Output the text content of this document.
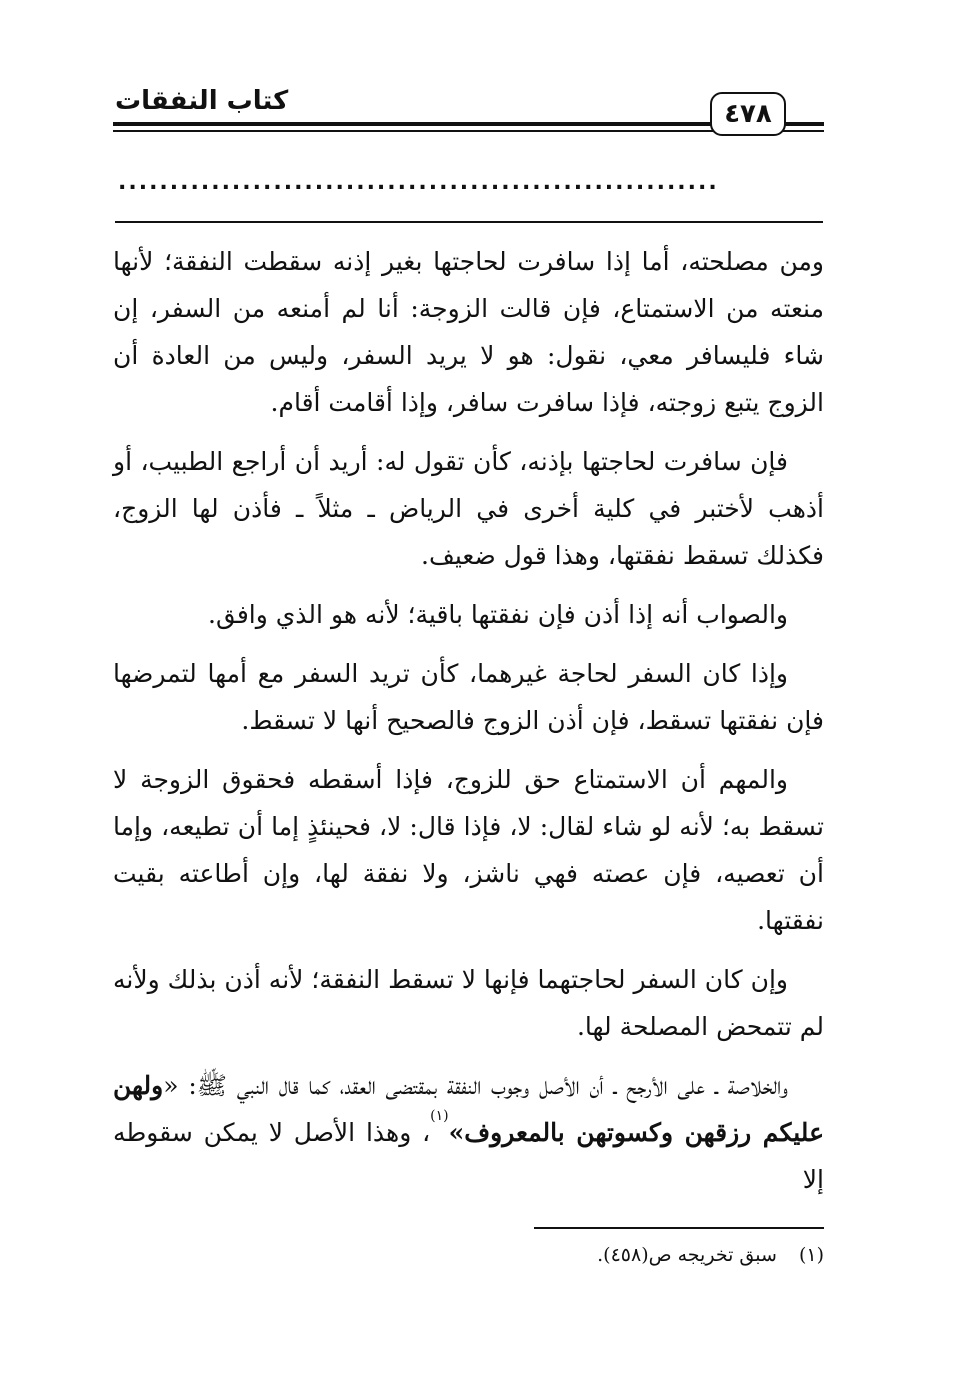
كتاب النفقات	٤٧٨
..........................................................

ومن مصلحته، أما إذا سافرت لحاجتها بغير إذنه سقطت النفقة؛ لأنها منعته من الاستمتاع، فإن قالت الزوجة: أنا لم أمنعه من السفر، إن شاء فليسافر معي، نقول: هو لا يريد السفر، وليس من العادة أن الزوج يتبع زوجته، فإذا سافرت سافر، وإذا أقامت أقام.

فإن سافرت لحاجتها بإذنه، كأن تقول له: أريد أن أراجع الطبيب، أو أذهب لأختبر في كلية أخرى في الرياض ـ مثلاً ـ فأذن لها الزوج، فكذلك تسقط نفقتها، وهذا قول ضعيف.

والصواب أنه إذا أذن فإن نفقتها باقية؛ لأنه هو الذي وافق.

وإذا كان السفر لحاجة غيرهما، كأن تريد السفر مع أمها لتمرضها فإن نفقتها تسقط، فإن أذن الزوج فالصحيح أنها لا تسقط.

والمهم أن الاستمتاع حق للزوج، فإذا أسقطه فحقوق الزوجة لا تسقط به؛ لأنه لو شاء لقال: لا، فإذا قال: لا، فحينئذٍ إما أن تطيعه، وإما أن تعصيه، فإن عصته فهي ناشز، ولا نفقة لها، وإن أطاعته بقيت نفقتها.

وإن كان السفر لحاجتهما فإنها لا تسقط النفقة؛ لأنه أذن بذلك ولأنه لم تتمحض المصلحة لها.

والخلاصة ـ على الأرجح ـ أن الأصل وجوب النفقة بمقتضى العقد، كما قال النبي ﷺ: «ولهن عليكم رزقهن وكسوتهن بالمعروف»$^{(١)}$، وهذا الأصل لا يمكن سقوطه إلا

(١)سبق تخريجه ص(٤٥٨).
